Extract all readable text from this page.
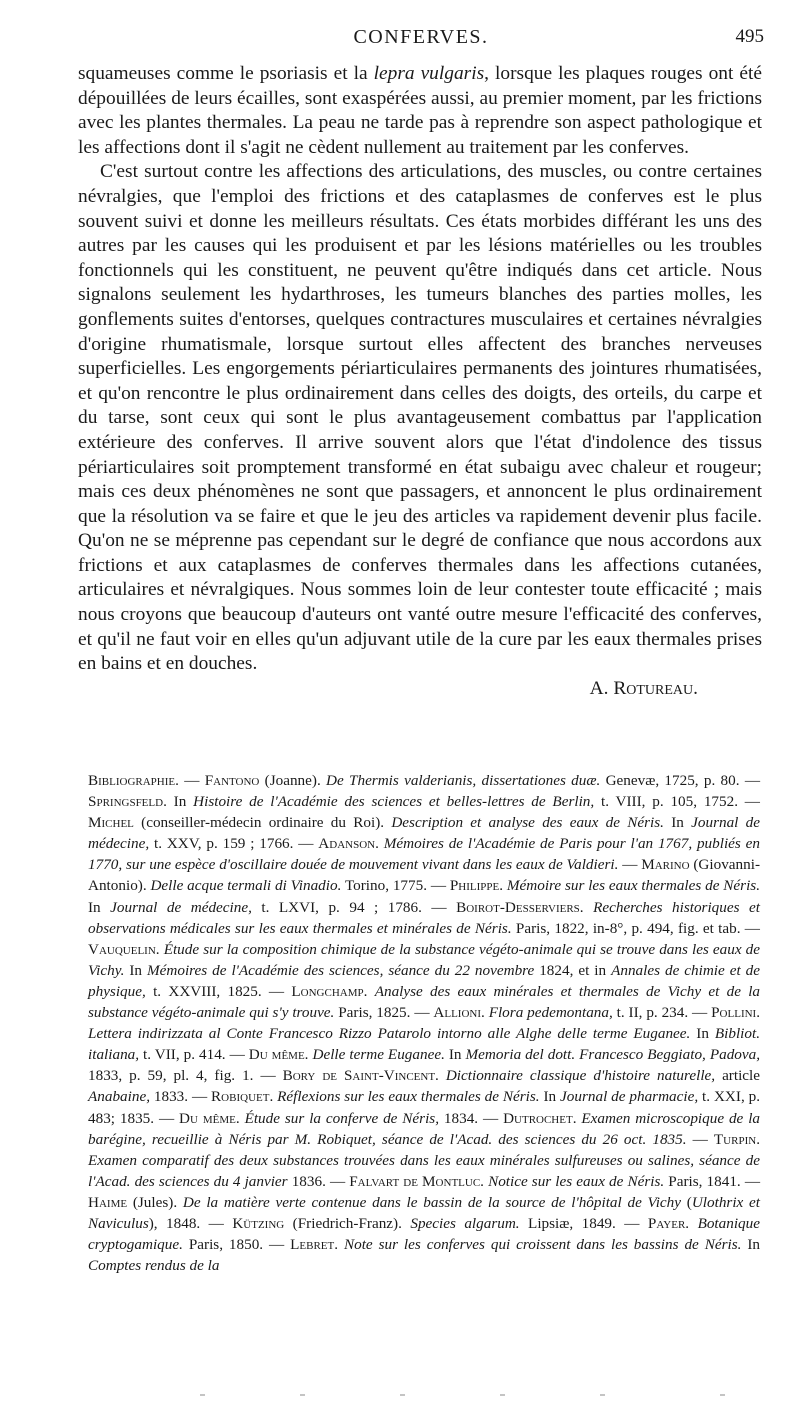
CONFERVES.	495

squameuses comme le psoriasis et la lepra vulgaris, lorsque les plaques rouges ont été dépouillées de leurs écailles, sont exaspérées aussi, au premier moment, par les frictions avec les plantes thermales. La peau ne tarde pas à reprendre son aspect pathologique et les affections dont il s'agit ne cèdent nullement au traitement par les conferves.

C'est surtout contre les affections des articulations, des muscles, ou contre certaines névralgies, que l'emploi des frictions et des cataplasmes de conferves est le plus souvent suivi et donne les meilleurs résultats. Ces états morbides différant les uns des autres par les causes qui les produisent et par les lésions matérielles ou les troubles fonctionnels qui les constituent, ne peuvent qu'être indiqués dans cet article. Nous signalons seulement les hydarthroses, les tumeurs blanches des parties molles, les gonflements suites d'entorses, quelques contractures musculaires et certaines névralgies d'origine rhumatismale, lorsque surtout elles affectent des branches nerveuses superficielles. Les engorgements périarticulaires permanents des jointures rhumatisées, et qu'on rencontre le plus ordinairement dans celles des doigts, des orteils, du carpe et du tarse, sont ceux qui sont le plus avantageusement combattus par l'application extérieure des conferves. Il arrive souvent alors que l'état d'indolence des tissus périarticulaires soit promptement transformé en état subaigu avec chaleur et rougeur; mais ces deux phénomènes ne sont que passagers, et annoncent le plus ordinairement que la résolution va se faire et que le jeu des articles va rapidement devenir plus facile. Qu'on ne se méprenne pas cependant sur le degré de confiance que nous accordons aux frictions et aux cataplasmes de conferves thermales dans les affections cutanées, articulaires et névralgiques. Nous sommes loin de leur contester toute efficacité ; mais nous croyons que beaucoup d'auteurs ont vanté outre mesure l'efficacité des conferves, et qu'il ne faut voir en elles qu'un adjuvant utile de la cure par les eaux thermales prises en bains et en douches.

A. Rotureau.

Bibliographie. — Fantono (Joanne). De Thermis valderianis, dissertationes duæ. Genevæ, 1725, p. 80. — Springsfeld. In Histoire de l'Académie des sciences et belles-lettres de Berlin, t. VIII, p. 105, 1752. — Michel (conseiller-médecin ordinaire du Roi). Description et analyse des eaux de Néris. In Journal de médecine, t. XXV, p. 159 ; 1766. — Adanson. Mémoires de l'Académie de Paris pour l'an 1767, publiés en 1770, sur une espèce d'oscillaire douée de mouvement vivant dans les eaux de Valdieri. — Marino (Giovanni-Antonio). Delle acque termali di Vinadio. Torino, 1775. — Philippe. Mémoire sur les eaux thermales de Néris. In Journal de médecine, t. LXVI, p. 94 ; 1786. — Boirot-Desserviers. Recherches historiques et observations médicales sur les eaux thermales et minérales de Néris. Paris, 1822, in-8°, p. 494, fig. et tab. — Vauquelin. Étude sur la composition chimique de la substance végéto-animale qui se trouve dans les eaux de Vichy. In Mémoires de l'Académie des sciences, séance du 22 novembre 1824, et in Annales de chimie et de physique, t. XXVIII, 1825. — Longchamp. Analyse des eaux minérales et thermales de Vichy et de la substance végéto-animale qui s'y trouve. Paris, 1825. — Allioni. Flora pedemontana, t. II, p. 234. — Pollini. Lettera indirizzata al Conte Francesco Rizzo Patarolo intorno alle Alghe delle terme Euganee. In Bibliot. italiana, t. VII, p. 414. — Du même. Delle terme Euganee. In Memoria del dott. Francesco Beggiato, Padova, 1833, p. 59, pl. 4, fig. 1. — Bory de Saint-Vincent. Dictionnaire classique d'histoire naturelle, article Anabaine, 1833. — Robiquet. Réflexions sur les eaux thermales de Néris. In Journal de pharmacie, t. XXI, p. 483; 1835. — Du même. Étude sur la conferve de Néris, 1834. — Dutrochet. Examen microscopique de la barégine, recueillie à Néris par M. Robiquet, séance de l'Acad. des sciences du 26 oct. 1835. — Turpin. Examen comparatif des deux substances trouvées dans les eaux minérales sulfureuses ou salines, séance de l'Acad. des sciences du 4 janvier 1836. — Falvart de Montluc. Notice sur les eaux de Néris. Paris, 1841. — Haime (Jules). De la matière verte contenue dans le bassin de la source de l'hôpital de Vichy (Ulothrix et Naviculus), 1848. — Kützing (Friedrich-Franz). Species algarum. Lipsiæ, 1849. — Payer. Botanique cryptogamique. Paris, 1850. — Lebret. Note sur les conferves qui croissent dans les bassins de Néris. In Comptes rendus de la
